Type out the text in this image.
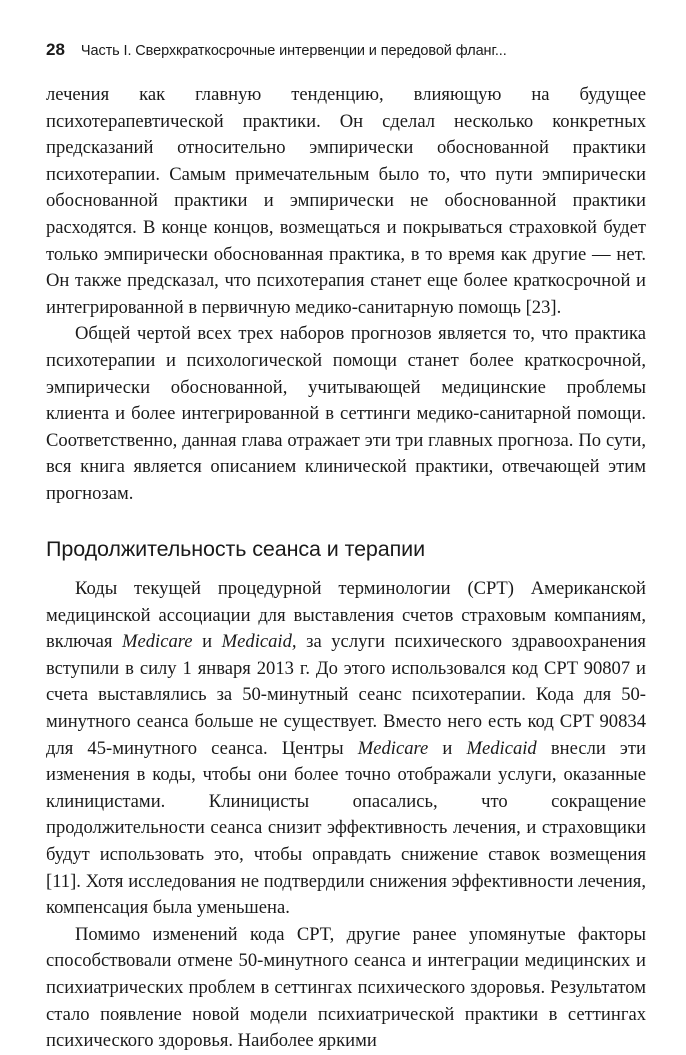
28 Часть I. Сверхкраткосрочные интервенции и передовой фланг...

лечения как главную тенденцию, влияющую на будущее психотерапевтической практики. Он сделал несколько конкретных предсказаний относительно эмпирически обоснованной практики психотерапии. Самым примечательным было то, что пути эмпирически обоснованной практики и эмпирически не обоснованной практики расходятся. В конце концов, возмещаться и покрываться страховкой будет только эмпирически обоснованная практика, в то время как другие — нет. Он также предсказал, что психотерапия станет еще более краткосрочной и интегрированной в первичную медико-санитарную помощь [23].

Общей чертой всех трех наборов прогнозов является то, что практика психотерапии и психологической помощи станет более краткосрочной, эмпирически обоснованной, учитывающей медицинские проблемы клиента и более интегрированной в сеттинги медико-санитарной помощи. Соответственно, данная глава отражает эти три главных прогноза. По сути, вся книга является описанием клинической практики, отвечающей этим прогнозам.

Продолжительность сеанса и терапии

Коды текущей процедурной терминологии (CPT) Американской медицинской ассоциации для выставления счетов страховым компаниям, включая Medicare и Medicaid, за услуги психического здравоохранения вступили в силу 1 января 2013 г. До этого использовался код CPT 90807 и счета выставлялись за 50-минутный сеанс психотерапии. Кода для 50-минутного сеанса больше не существует. Вместо него есть код CPT 90834 для 45-минутного сеанса. Центры Medicare и Medicaid внесли эти изменения в коды, чтобы они более точно отображали услуги, оказанные клиницистами. Клиницисты опасались, что сокращение продолжительности сеанса снизит эффективность лечения, и страховщики будут использовать это, чтобы оправдать снижение ставок возмещения [11]. Хотя исследования не подтвердили снижения эффективности лечения, компенсация была уменьшена.

Помимо изменений кода CPT, другие ранее упомянутые факторы способствовали отмене 50-минутного сеанса и интеграции медицинских и психиатрических проблем в сеттингах психического здоровья. Результатом стало появление новой модели психиатрической практики в сеттингах психического здоровья. Наиболее яркими
